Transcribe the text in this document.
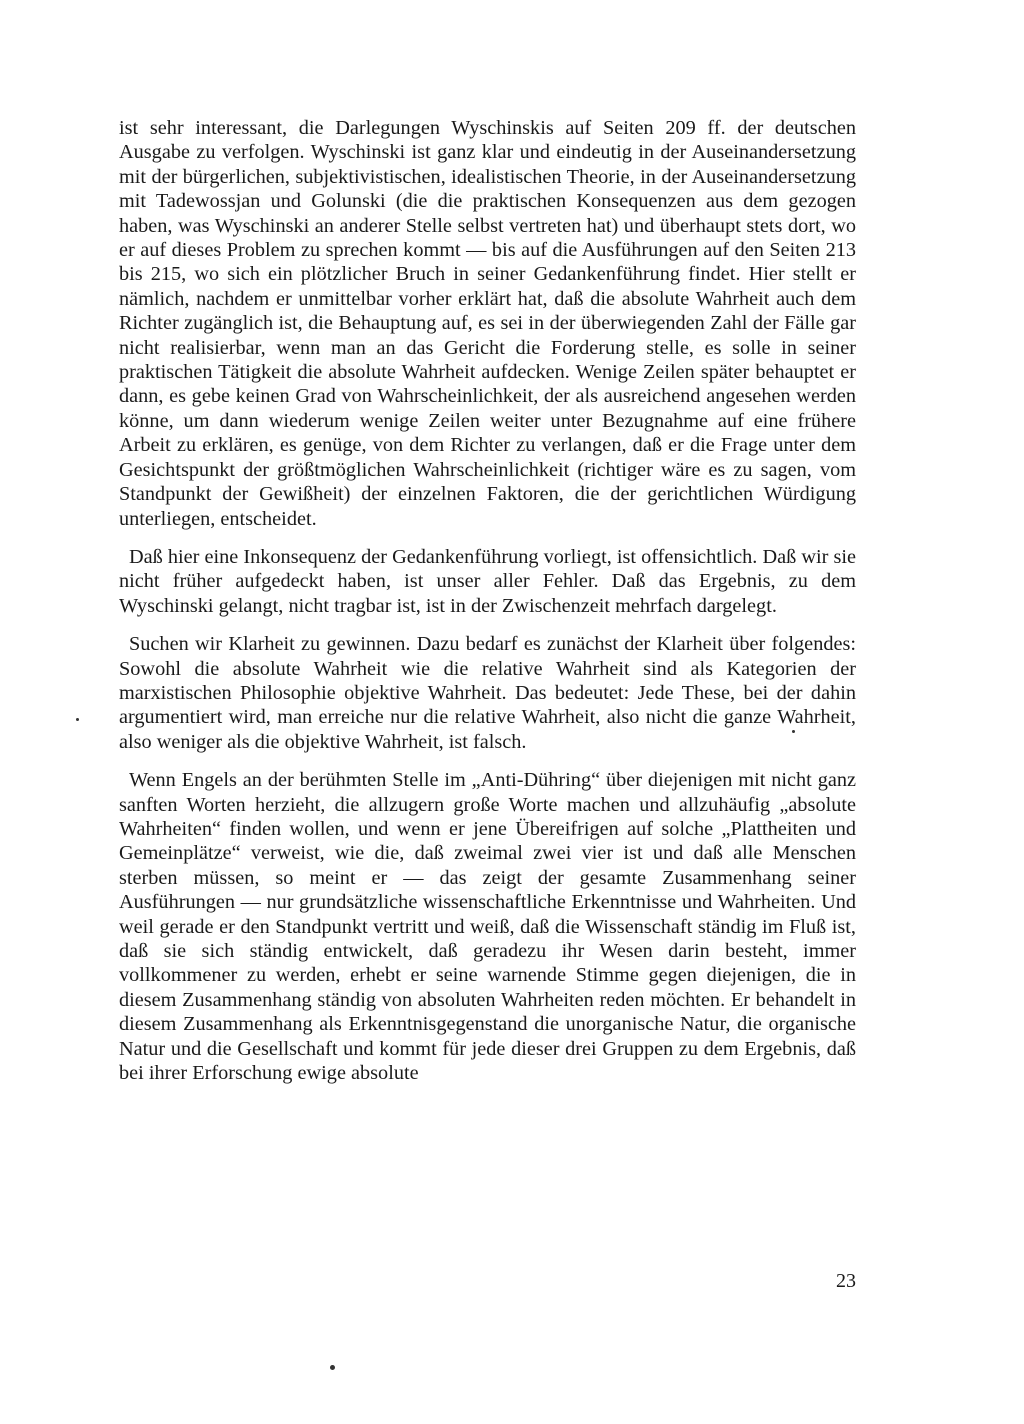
ist sehr interessant, die Darlegungen Wyschinskis auf Seiten 209 ff. der deutschen Ausgabe zu verfolgen. Wyschinski ist ganz klar und eindeutig in der Auseinandersetzung mit der bürgerlichen, subjektivistischen, idealistischen Theorie, in der Auseinandersetzung mit Tadewossjan und Golunski (die die praktischen Konsequenzen aus dem gezogen haben, was Wyschinski an anderer Stelle selbst vertreten hat) und überhaupt stets dort, wo er auf dieses Problem zu sprechen kommt — bis auf die Ausführungen auf den Seiten 213 bis 215, wo sich ein plötzlicher Bruch in seiner Gedankenführung findet. Hier stellt er nämlich, nachdem er unmittelbar vorher erklärt hat, daß die absolute Wahrheit auch dem Richter zugänglich ist, die Behauptung auf, es sei in der überwiegenden Zahl der Fälle gar nicht realisierbar, wenn man an das Gericht die Forderung stelle, es solle in seiner praktischen Tätigkeit die absolute Wahrheit aufdecken. Wenige Zeilen später behauptet er dann, es gebe keinen Grad von Wahrscheinlichkeit, der als ausreichend angesehen werden könne, um dann wiederum wenige Zeilen weiter unter Bezugnahme auf eine frühere Arbeit zu erklären, es genüge, von dem Richter zu verlangen, daß er die Frage unter dem Gesichtspunkt der größtmöglichen Wahrscheinlichkeit (richtiger wäre es zu sagen, vom Standpunkt der Gewißheit) der einzelnen Faktoren, die der gerichtlichen Würdigung unterliegen, entscheidet.

Daß hier eine Inkonsequenz der Gedankenführung vorliegt, ist offensichtlich. Daß wir sie nicht früher aufgedeckt haben, ist unser aller Fehler. Daß das Ergebnis, zu dem Wyschinski gelangt, nicht tragbar ist, ist in der Zwischenzeit mehrfach dargelegt.

Suchen wir Klarheit zu gewinnen. Dazu bedarf es zunächst der Klarheit über folgendes: Sowohl die absolute Wahrheit wie die relative Wahrheit sind als Kategorien der marxistischen Philosophie objektive Wahrheit. Das bedeutet: Jede These, bei der dahin argumentiert wird, man erreiche nur die relative Wahrheit, also nicht die ganze Wahrheit, also weniger als die objektive Wahrheit, ist falsch.

Wenn Engels an der berühmten Stelle im „Anti-Dühring“ über diejenigen mit nicht ganz sanften Worten herzieht, die allzugern große Worte machen und allzuhäufig „absolute Wahrheiten“ finden wollen, und wenn er jene Übereifrigen auf solche „Plattheiten und Gemeinplätze“ verweist, wie die, daß zweimal zwei vier ist und daß alle Menschen sterben müssen, so meint er — das zeigt der gesamte Zusammenhang seiner Ausführungen — nur grundsätzliche wissenschaftliche Erkenntnisse und Wahrheiten. Und weil gerade er den Standpunkt vertritt und weiß, daß die Wissenschaft ständig im Fluß ist, daß sie sich ständig entwickelt, daß geradezu ihr Wesen darin besteht, immer vollkommener zu werden, erhebt er seine warnende Stimme gegen diejenigen, die in diesem Zusammenhang ständig von absoluten Wahrheiten reden möchten. Er behandelt in diesem Zusammenhang als Erkenntnisgegenstand die unorganische Natur, die organische Natur und die Gesellschaft und kommt für jede dieser drei Gruppen zu dem Ergebnis, daß bei ihrer Erforschung ewige absolute

23
